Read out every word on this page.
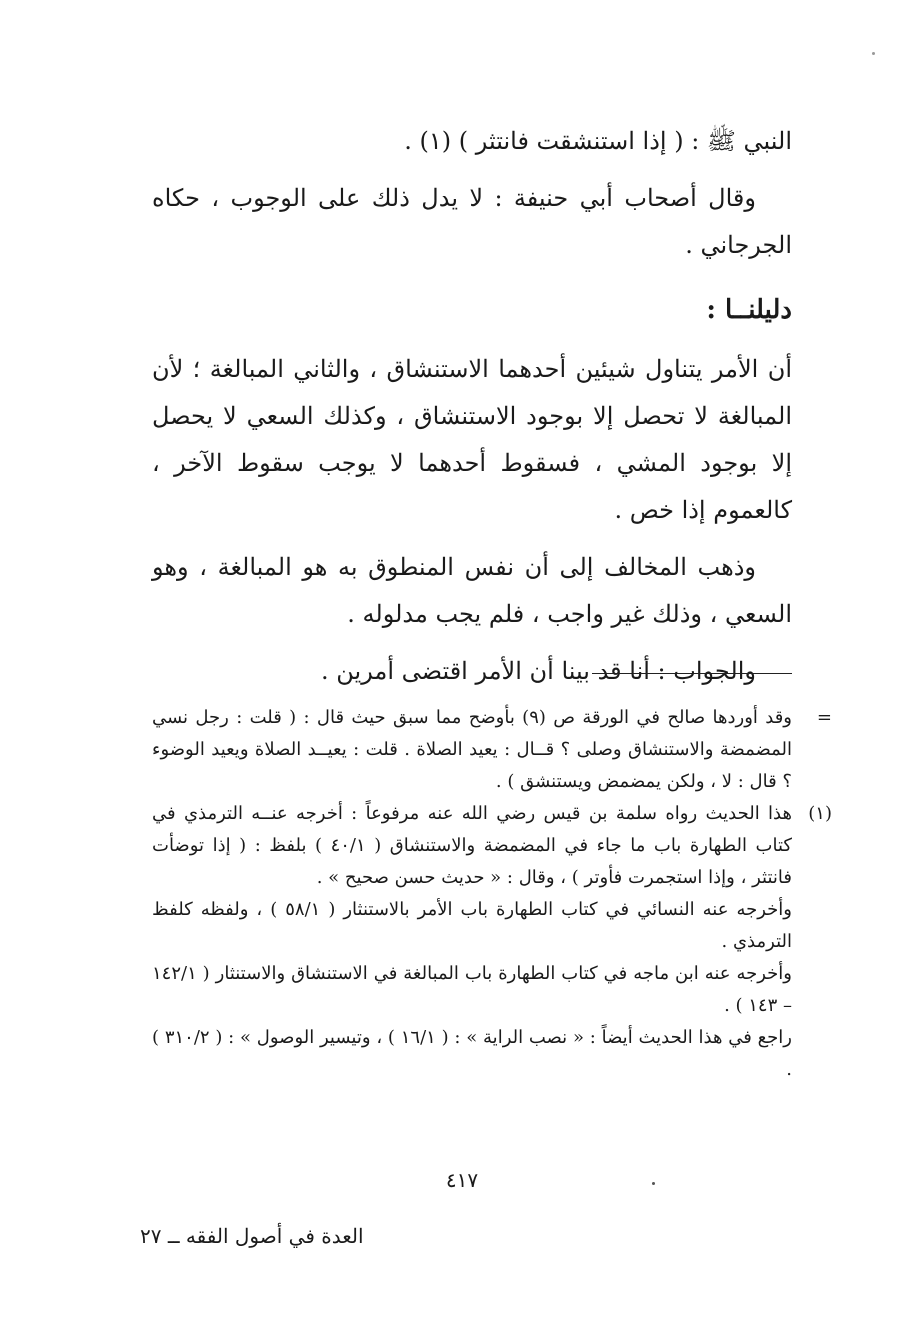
النبي ﷺ : ( إذا استنشقت فانتثر ) (١) .

وقال أصحاب أبي حنيفة : لا يدل ذلك على الوجوب ، حكاه الجرجاني .

دليلنــا :

أن الأمر يتناول شيئين أحدهما الاستنشاق ، والثاني المبالغة ؛ لأن المبالغة لا تحصل إلا بوجود الاستنشاق ، وكذلك السعي لا يحصل إلا بوجود المشي ، فسقوط أحدهما لا يوجب سقوط الآخر ، كالعموم إذا خص .

وذهب المخالف إلى أن نفس المنطوق به هو المبالغة ، وهو السعي ، وذلك غير واجب ، فلم يجب مدلوله .

والجواب : أنا قد بينا أن الأمر اقتضى أمرين .

=
وقد أوردها صالح في الورقة ص (٩) بأوضح مما سبق حيث قال : ( قلت : رجل نسي المضمضة والاستنشاق وصلى ؟ قــال : يعيد الصلاة . قلت : يعيــد الصلاة ويعيد الوضوء ؟ قال : لا ، ولكن يمضمض ويستنشق ) .

(١)
هذا الحديث رواه سلمة بن قيس رضي الله عنه مرفوعاً : أخرجه عنــه الترمذي في كتاب الطهارة باب ما جاء في المضمضة والاستنشاق ( ٤٠/١ ) بلفظ : ( إذا توضأت فانتثر ، وإذا استجمرت فأوتر ) ، وقال : « حديث حسن صحيح » .

وأخرجه عنه النسائي في كتاب الطهارة باب الأمر بالاستنثار ( ٥٨/١ ) ، ولفظه كلفظ الترمذي .

وأخرجه عنه ابن ماجه في كتاب الطهارة باب المبالغة في الاستنشاق والاستنثار ( ١٤٢/١ – ١٤٣ ) .

راجع في هذا الحديث أيضاً : « نصب الراية » : ( ١٦/١ ) ، وتيسير الوصول » : ( ٣١٠/٢ ) .

٤١٧
العدة في أصول الفقه ــ ٢٧
